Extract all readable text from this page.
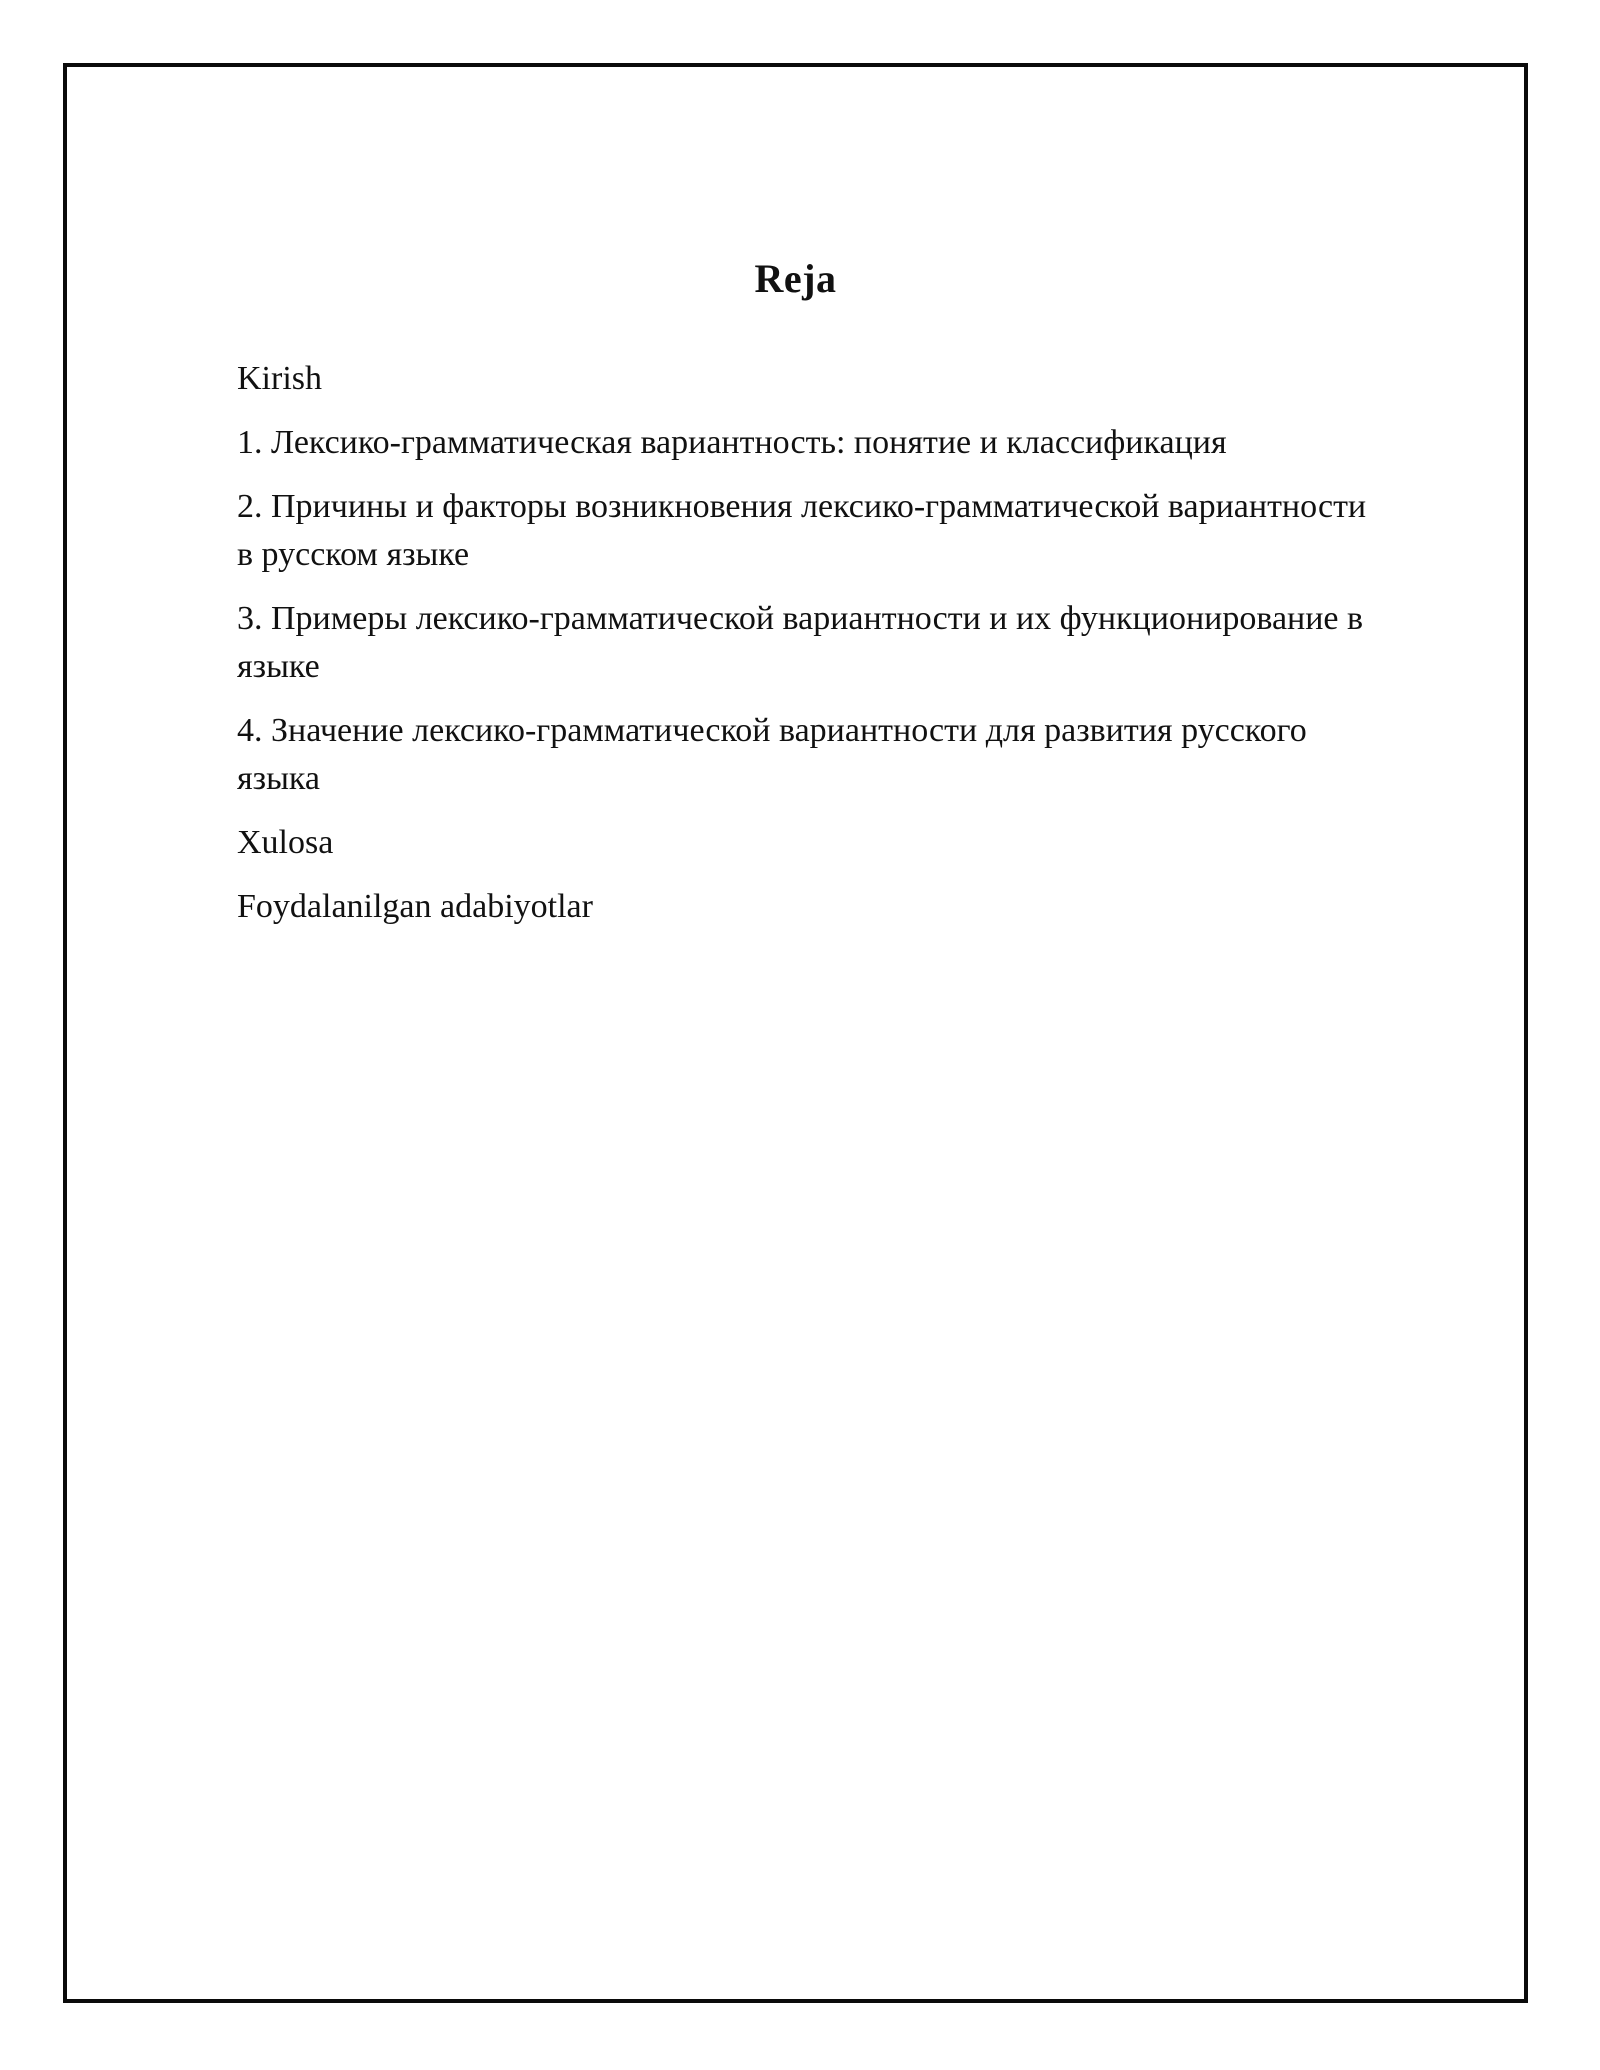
Reja
Kirish
1. Лексико-грамматическая вариантность: понятие и классификация
2. Причины и факторы возникновения лексико-грамматической вариантности в русском языке
3. Примеры лексико-грамматической вариантности и их функционирование в языке
4. Значение лексико-грамматической вариантности для развития русского языка
Xulosa
Foydalanilgan adabiyotlar
